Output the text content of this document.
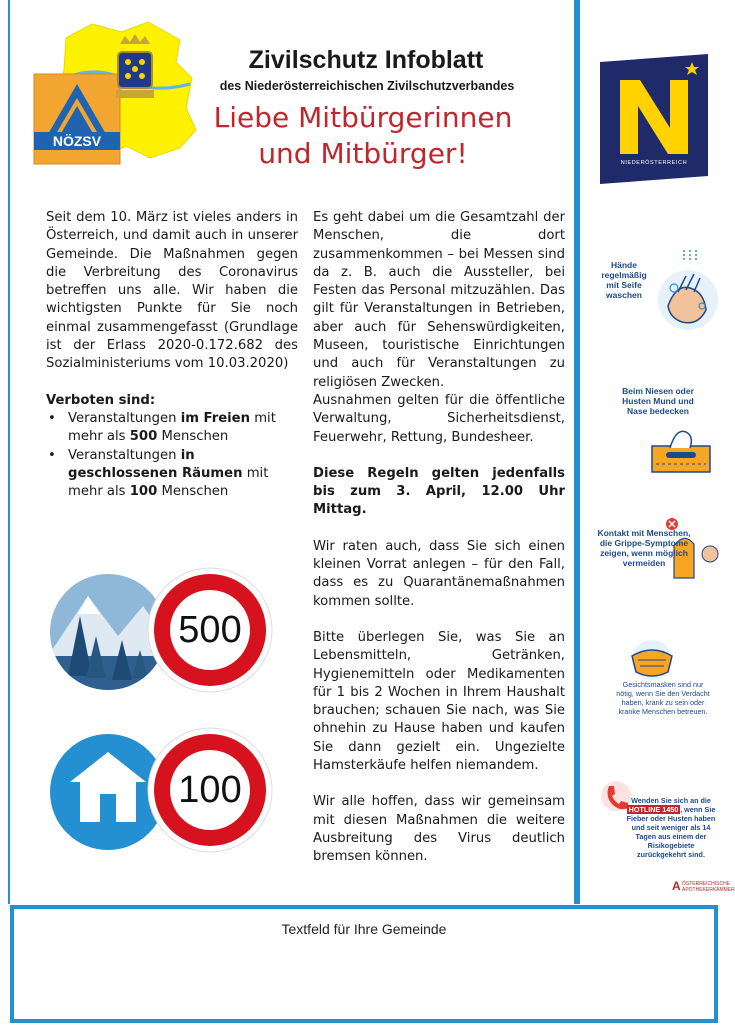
NÖZSV
Zivilschutz Infoblatt
des Niederösterreichischen Zivilschutzverbandes
Liebe Mitbürgerinnen
und Mitbürger!

Seit dem 10. März ist vieles anders in Österreich, und damit auch in unserer Gemeinde. Die Maßnahmen gegen die Verbreitung des Coronavirus betreffen uns alle. Wir haben die wichtigsten Punkte für Sie noch einmal zusammengefasst (Grundlage ist der Erlass 2020-0.172.682 des Sozialministeriums vom 10.03.2020)

Verboten sind:

• Veranstaltungen im Freien mit mehr als 500 Menschen
• Veranstaltungen in geschlossenen Räumen mit mehr als 100 Menschen
500
100

Es geht dabei um die Gesamtzahl der Menschen, die dort zusammenkommen – bei Messen sind da z. B. auch die Aussteller, bei Festen das Personal mitzuzählen. Das gilt für Veranstaltungen in Betrieben, aber auch für Sehenswürdigkeiten, Museen, touristische Einrichtungen und auch für Veranstaltungen zu religiösen Zwecken.

Ausnahmen gelten für die öffentliche Verwaltung, Sicherheitsdienst, Feuerwehr, Rettung, Bundesheer.

Diese Regeln gelten jedenfalls bis zum 3. April, 12.00 Uhr Mittag.

Wir raten auch, dass Sie sich einen kleinen Vorrat anlegen – für den Fall, dass es zu Quarantänemaßnahmen kommen sollte.

Bitte überlegen Sie, was Sie an Lebensmitteln, Getränken, Hygienemitteln oder Medikamenten für 1 bis 2 Wochen in Ihrem Haushalt brauchen; schauen Sie nach, was Sie ohnehin zu Hause haben und kaufen Sie dann gezielt ein. Ungezielte Hamsterkäufe helfen niemandem.

Wir alle hoffen, dass wir gemeinsam mit diesen Maßnahmen die weitere Ausbreitung des Virus deutlich bremsen können.

NIEDERÖSTERREICH
Hände regelmäßig mit Seife waschen
Beim Niesen oder Husten Mund und Nase bedecken
Kontakt mit Menschen, die Grippe-Symptome zeigen, wenn möglich vermeiden
Gesichtsmasken sind nur nötig, wenn Sie den Verdacht haben, krank zu sein oder kranke Menschen betreuen.
Wenden Sie sich an die HOTLINE 1450 , wenn Sie Fieber oder Husten haben und seit weniger als 14 Tagen aus einem der Risikogebiete zurückgekehrt sind.
A ÖSTERREICHISCHE
APOTHEKERKAMMER
Textfeld für Ihre Gemeinde
